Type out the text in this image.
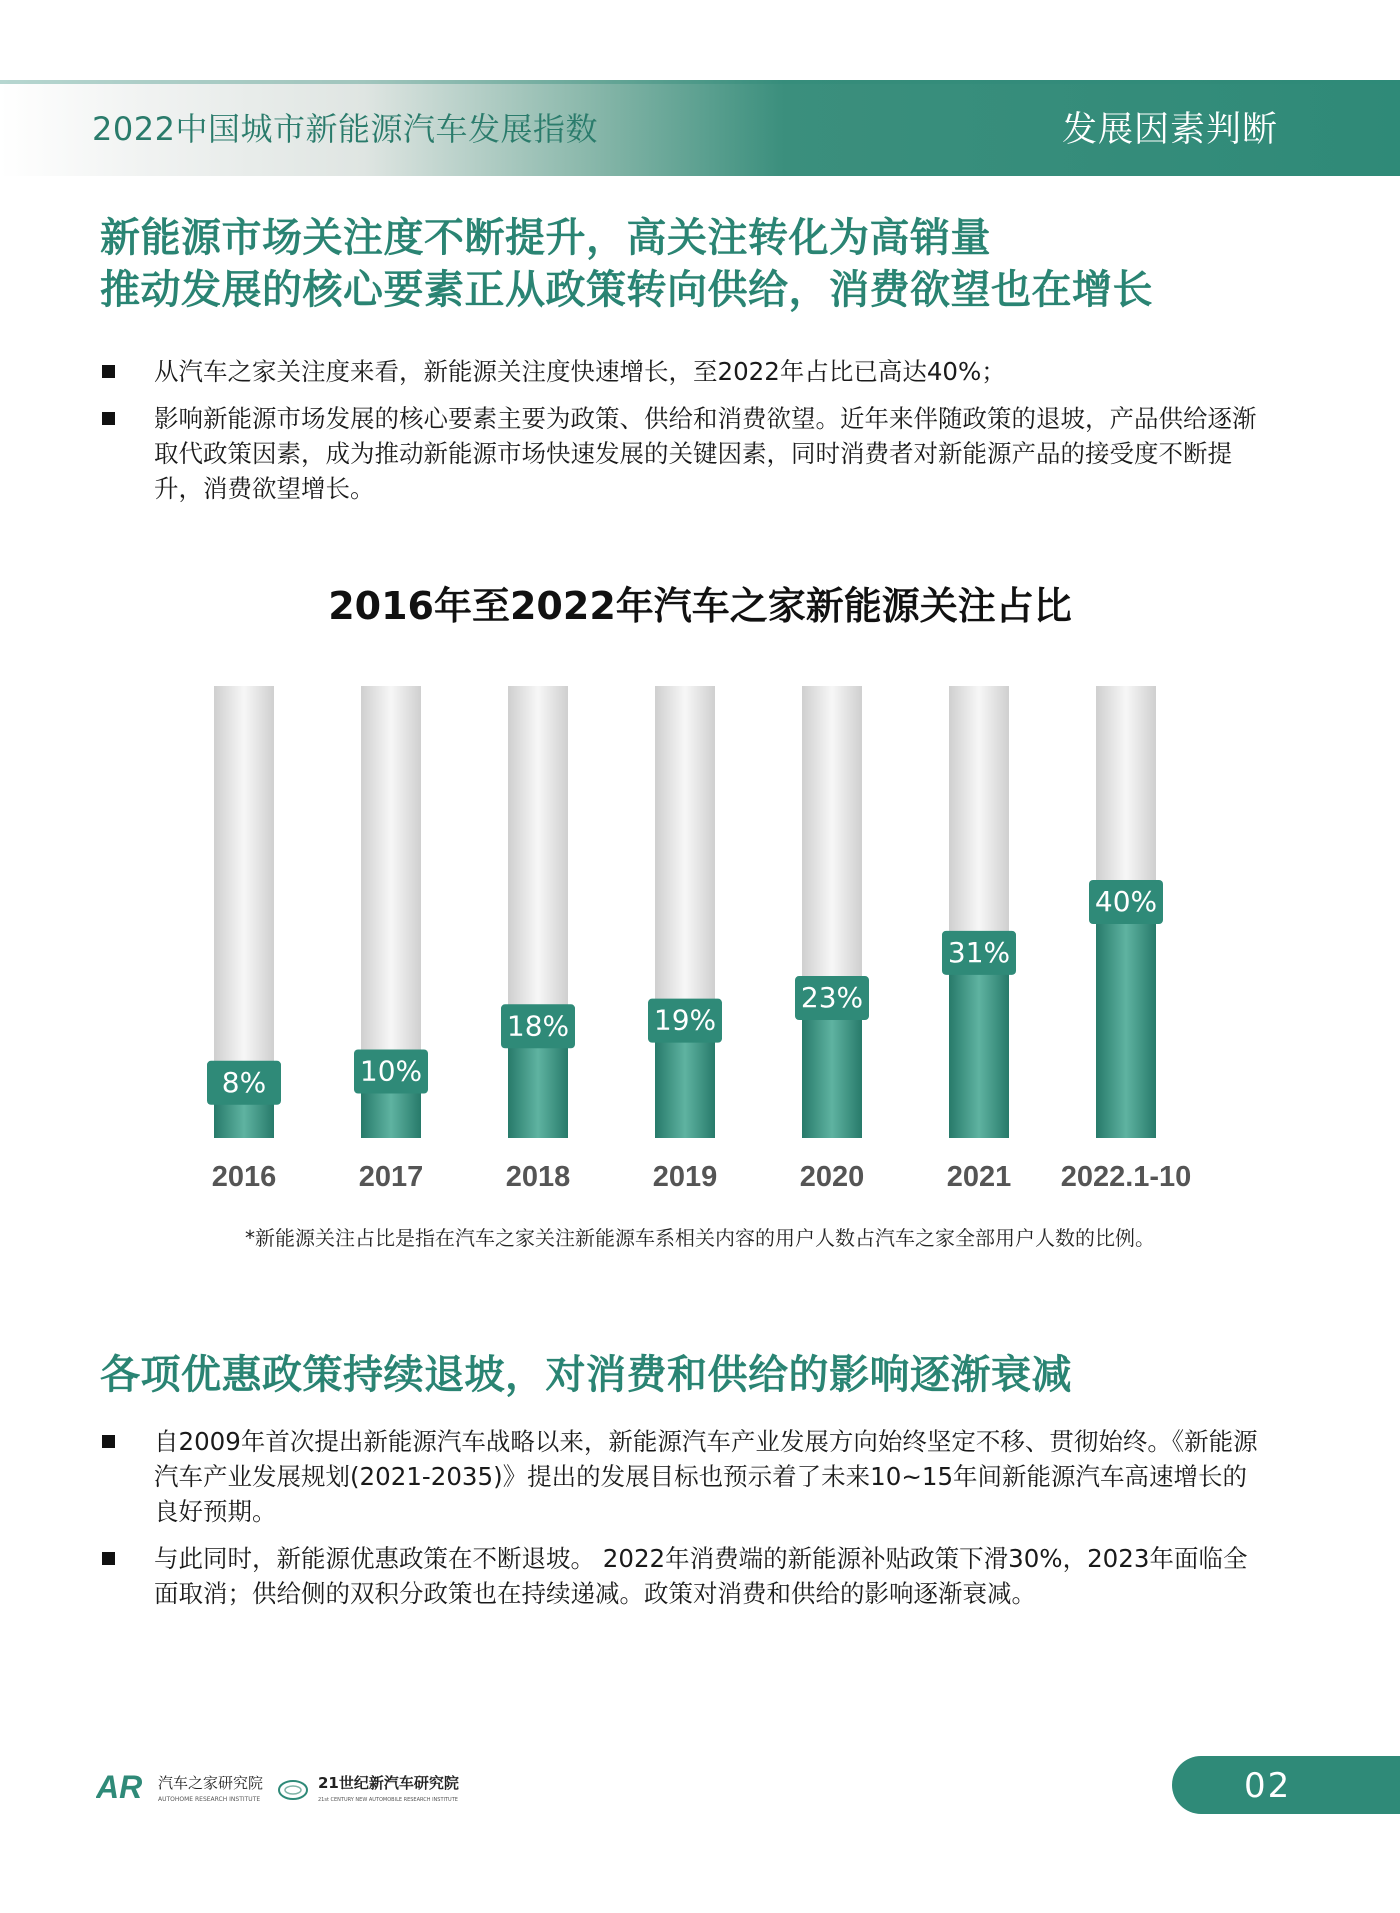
2022中国城市新能源汽车发展指数	发展因素判断
新能源市场关注度不断提升，高关注转化为高销量
推动发展的核心要素正从政策转向供给，消费欲望也在增长
从汽车之家关注度来看，新能源关注度快速增长，至2022年占比已高达40%；
影响新能源市场发展的核心要素主要为政策、供给和消费欲望。近年来伴随政策的退坡，产品供给逐渐取代政策因素，成为推动新能源市场快速发展的关键因素，同时消费者对新能源产品的接受度不断提升，消费欲望增长。
2016年至2022年汽车之家新能源关注占比
8%
2016
10%
2017
18%
2018
19%
2019
23%
2020
31%
2021
40%
2022.1-10
*新能源关注占比是指在汽车之家关注新能源车系相关内容的用户人数占汽车之家全部用户人数的比例。
各项优惠政策持续退坡，对消费和供给的影响逐渐衰减
自2009年首次提出新能源汽车战略以来，新能源汽车产业发展方向始终坚定不移、贯彻始终。《新能源汽车产业发展规划(2021-2035)》提出的发展目标也预示着了未来10~15年间新能源汽车高速增长的良好预期。
与此同时，新能源优惠政策在不断退坡。 2022年消费端的新能源补贴政策下滑30%，2023年面临全面取消；供给侧的双积分政策也在持续递减。政策对消费和供给的影响逐渐衰减。
AR 汽车之家研究院
AUTOHOME RESEARCH INSTITUTE
21世纪新汽车研究院
21st CENTURY NEW AUTOMOBILE RESEARCH INSTITUTE	02
